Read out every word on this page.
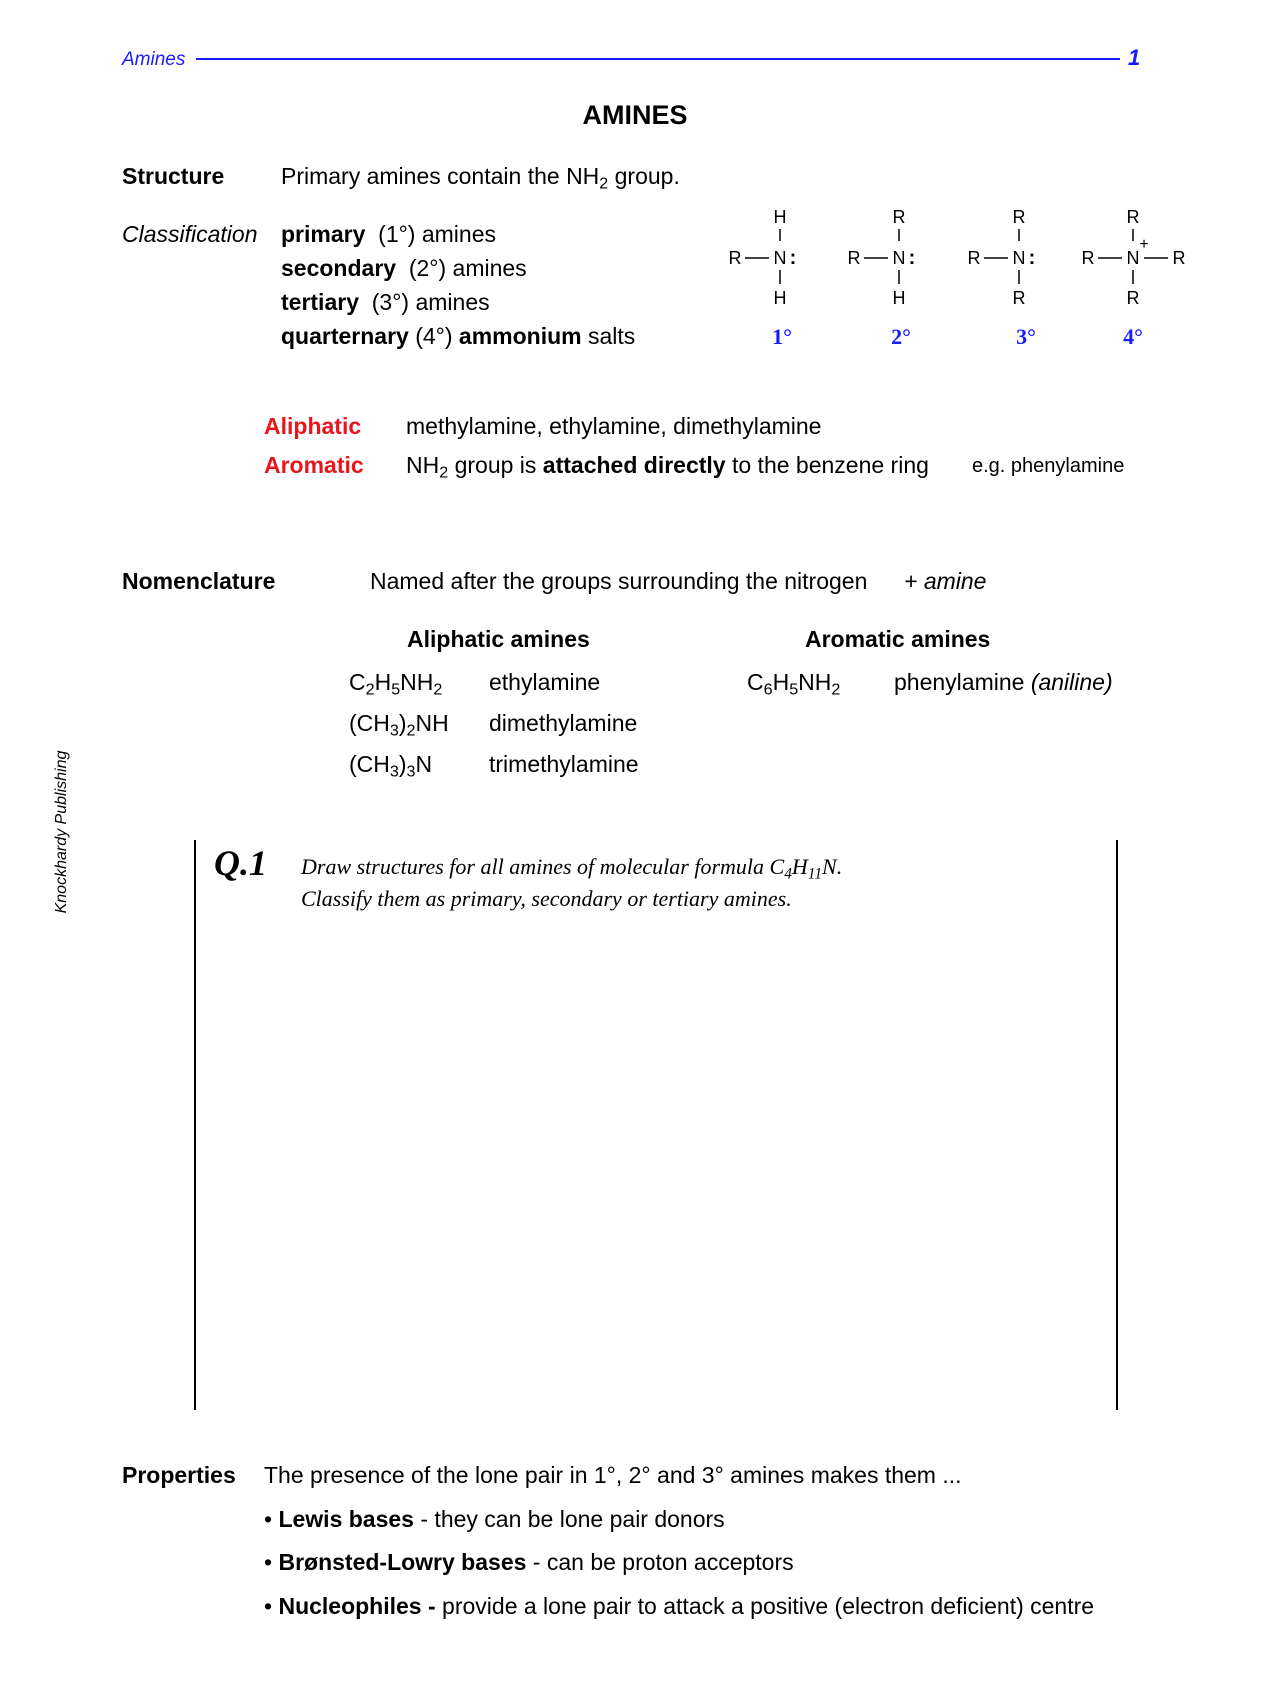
Amines	1
AMINES
Knockhardy Publishing
Structure Primary amines contain the $NH_2$ group.
Classification primary (1°) amines
secondary (2°) amines
tertiary (3°) amines
quarternary (4°) ammonium salts
H
R N :
H
1°
R
R N :
H
2°
R
R N :
R
3°
R
+
R N R
R
4°
Aliphatic methylamine, ethylamine, dimethylamine
Aromatic $NH_2$ group is attached directly to the benzene ring e.g. phenylamine
Nomenclature	Named after the groups surrounding the nitrogen + amine
Aliphatic amines	Aromatic amines
$C_2H_5NH_2$ ethylamine
$(CH_3)_2NH$ dimethylamine
$(CH_3)_3N$ trimethylamine
$C_6H_5NH_2$ phenylamine (aniline)
Q.1 Draw structures for all amines of molecular formula $C_4H_{11}N$.
Classify them as primary, secondary or tertiary amines.
Properties The presence of the lone pair in 1°, 2° and 3° amines makes them ...
• Lewis bases - they can be lone pair donors
• Brønsted-Lowry bases - can be proton acceptors
• Nucleophiles - provide a lone pair to attack a positive (electron deficient) centre
